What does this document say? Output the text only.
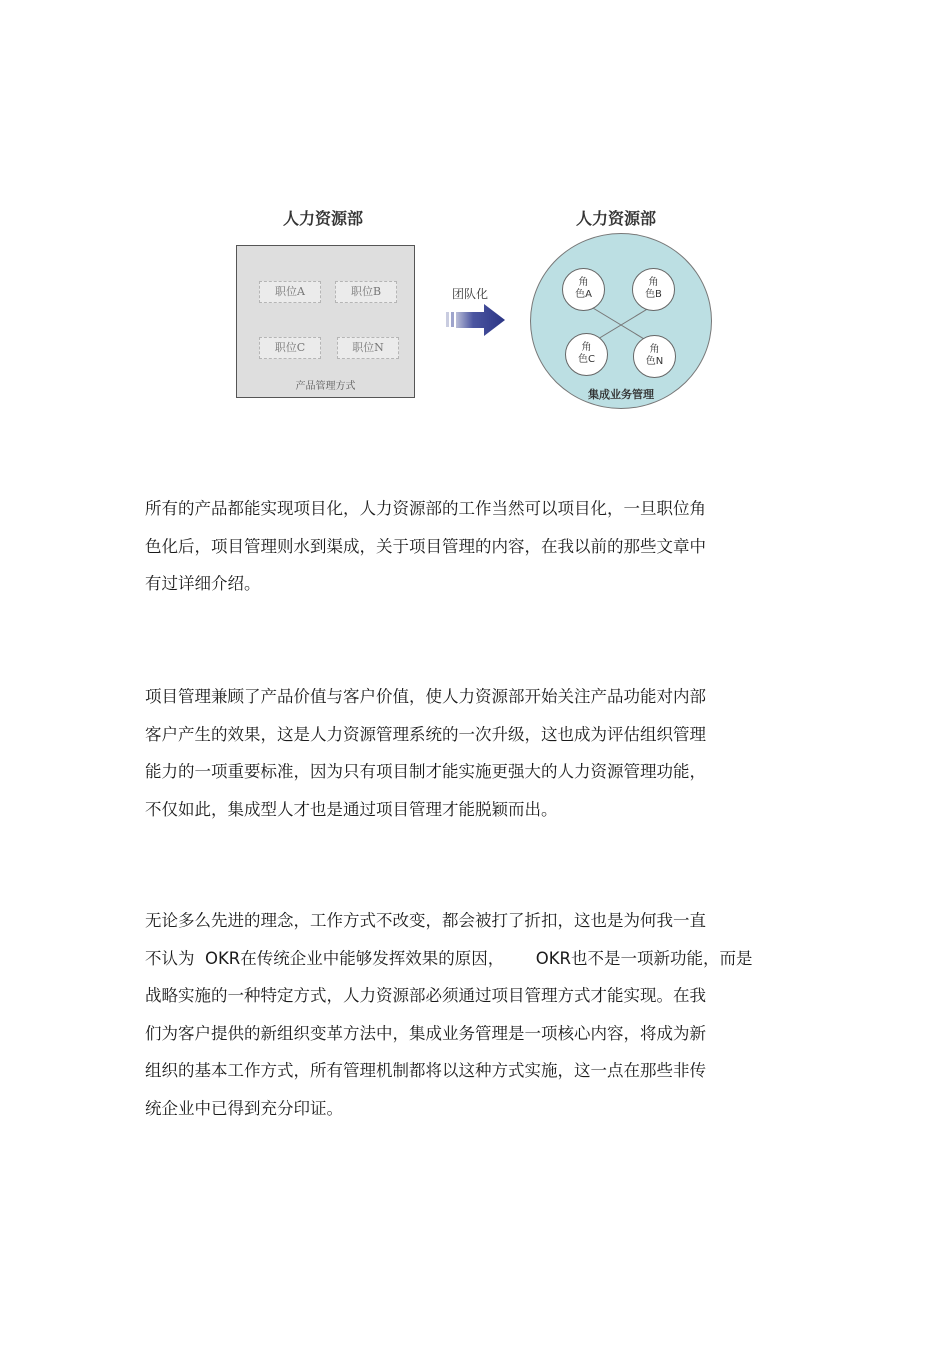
人力资源部	人力资源部
职位A	职位B
职位C	职位N
产品管理方式
团队化
角
色A
角
色B
角
色C
角
色N
集成业务管理
所有的产品都能实现项目化，人力资源部的工作当然可以项目化，一旦职位角
色化后，项目管理则水到渠成，关于项目管理的内容，在我以前的那些文章中
有过详细介绍。
项目管理兼顾了产品价值与客户价值，使人力资源部开始关注产品功能对内部
客户产生的效果，这是人力资源管理系统的一次升级，这也成为评估组织管理
能力的一项重要标准，因为只有项目制才能实施更强大的人力资源管理功能，
不仅如此，集成型人才也是通过项目管理才能脱颖而出。
无论多么先进的理念，工作方式不改变，都会被打了折扣，这也是为何我一直
不认为  OKR在传统企业中能够发挥效果的原因，      OKR也不是一项新功能，而是
战略实施的一种特定方式，人力资源部必须通过项目管理方式才能实现。在我
们为客户提供的新组织变革方法中，集成业务管理是一项核心内容，将成为新
组织的基本工作方式，所有管理机制都将以这种方式实施，这一点在那些非传
统企业中已得到充分印证。
